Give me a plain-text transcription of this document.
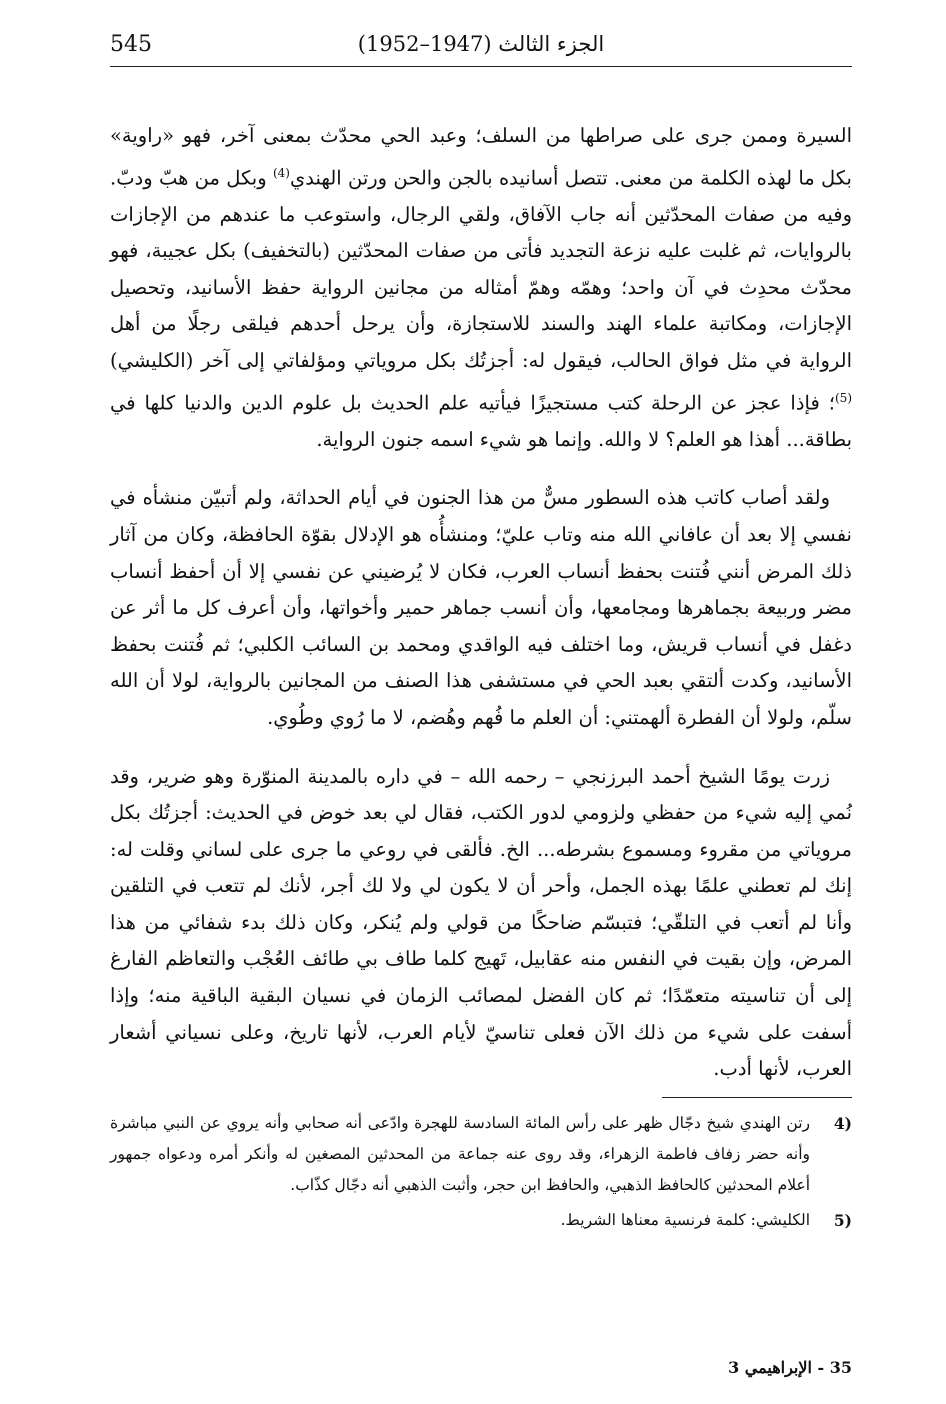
545	الجزء الثالث (1947–1952)

السيرة وممن جرى على صراطها من السلف؛ وعبد الحي محدّث بمعنى آخر، فهو «راوية» بكل ما لهذه الكلمة من معنى. تتصل أسانيده بالجن والحن ورتن الهندي$^{(4)}$ وبكل من هبّ ودبّ. وفيه من صفات المحدّثين أنه جاب الآفاق، ولقي الرجال، واستوعب ما عندهم من الإجازات بالروايات، ثم غلبت عليه نزعة التجديد فأتى من صفات المحدّثين (بالتخفيف) بكل عجيبة، فهو محدّث محدِث في آن واحد؛ وهمّه وهمّ أمثاله من مجانين الرواية حفظ الأسانيد، وتحصيل الإجازات، ومكاتبة علماء الهند والسند للاستجازة، وأن يرحل أحدهم فيلقى رجلًا من أهل الرواية في مثل فواق الحالب، فيقول له: أجزتُك بكل مروياتي ومؤلفاتي إلى آخر (الكليشي)$^{(5)}$؛ فإذا عجز عن الرحلة كتب مستجيزًا فيأتيه علم الحديث بل علوم الدين والدنيا كلها في بطاقة... أهذا هو العلم؟ لا والله. وإنما هو شيء اسمه جنون الرواية.

ولقد أصاب كاتب هذه السطور مسٌّ من هذا الجنون في أيام الحداثة، ولم أتبيّن منشأه في نفسي إلا بعد أن عافاني الله منه وتاب عليّ؛ ومنشأُه هو الإدلال بقوّة الحافظة، وكان من آثار ذلك المرض أنني فُتنت بحفظ أنساب العرب، فكان لا يُرضيني عن نفسي إلا أن أحفظ أنساب مضر وربيعة بجماهرها ومجامعها، وأن أنسب جماهر حمير وأخواتها، وأن أعرف كل ما أثر عن دغفل في أنساب قريش، وما اختلف فيه الواقدي ومحمد بن السائب الكلبي؛ ثم فُتنت بحفظ الأسانيد، وكدت ألتقي بعبد الحي في مستشفى هذا الصنف من المجانين بالرواية، لولا أن الله سلّم، ولولا أن الفطرة ألهمتني: أن العلم ما فُهم وهُضم، لا ما رُوي وطُوي.

زرت يومًا الشيخ أحمد البرزنجي – رحمه الله – في داره بالمدينة المنوّرة وهو ضرير، وقد نُمي إليه شيء من حفظي ولزومي لدور الكتب، فقال لي بعد خوض في الحديث: أجزتُك بكل مروياتي من مقروء ومسموع بشرطه... الخ. فألقى في روعي ما جرى على لساني وقلت له: إنك لم تعطني علمًا بهذه الجمل، وأحر أن لا يكون لي ولا لك أجر، لأنك لم تتعب في التلقين وأنا لم أتعب في التلقّي؛ فتبسّم ضاحكًا من قولي ولم يُنكر، وكان ذلك بدء شفائي من هذا المرض، وإن بقيت في النفس منه عقابيل، تَهيج كلما طاف بي طائف العُجْب والتعاظم الفارغ إلى أن تناسيته متعمّدًا؛ ثم كان الفضل لمصائب الزمان في نسيان البقية الباقية منه؛ وإذا أسفت على شيء من ذلك الآن فعلى تناسيّ لأيام العرب، لأنها تاريخ، وعلى نسياني أشعار العرب، لأنها أدب.

4)
رتن الهندي شيخ دجّال ظهر على رأس المائة السادسة للهجرة وادّعى أنه صحابي وأنه يروي عن النبي مباشرة وأنه حضر زفاف فاطمة الزهراء، وقد روى عنه جماعة من المحدثين المصغين له وأنكر أمره ودعواه جمهور أعلام المحدثين كالحافظ الذهبي، والحافظ ابن حجر، وأثبت الذهبي أنه دجّال كذّاب.
5)
الكليشي: كلمة فرنسية معناها الشريط.
35 - الإبراهيمي 3
